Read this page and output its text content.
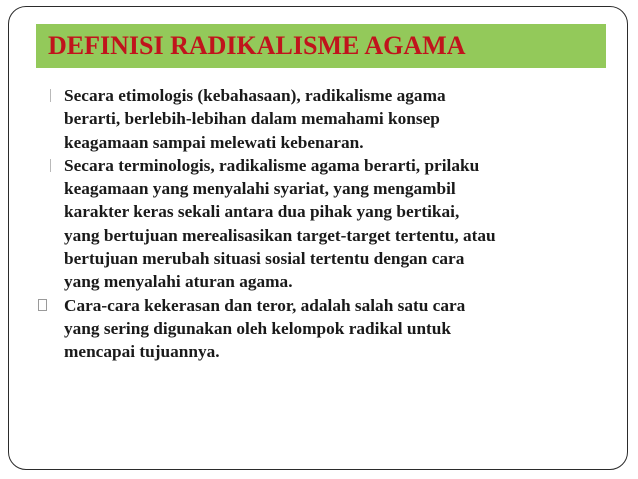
DEFINISI RADIKALISME AGAMA
Secara etimologis (kebahasaan), radikalisme agama
berarti, berlebih-lebihan dalam memahami konsep
keagamaan sampai melewati kebenaran.
Secara terminologis, radikalisme agama berarti, prilaku
keagamaan yang menyalahi syariat, yang mengambil
karakter keras sekali antara dua pihak yang bertikai,
yang bertujuan merealisasikan target-target tertentu, atau
bertujuan merubah situasi sosial tertentu dengan cara
yang menyalahi aturan agama.
Cara-cara kekerasan dan teror, adalah salah satu cara
yang sering digunakan oleh kelompok radikal untuk
mencapai tujuannya.
